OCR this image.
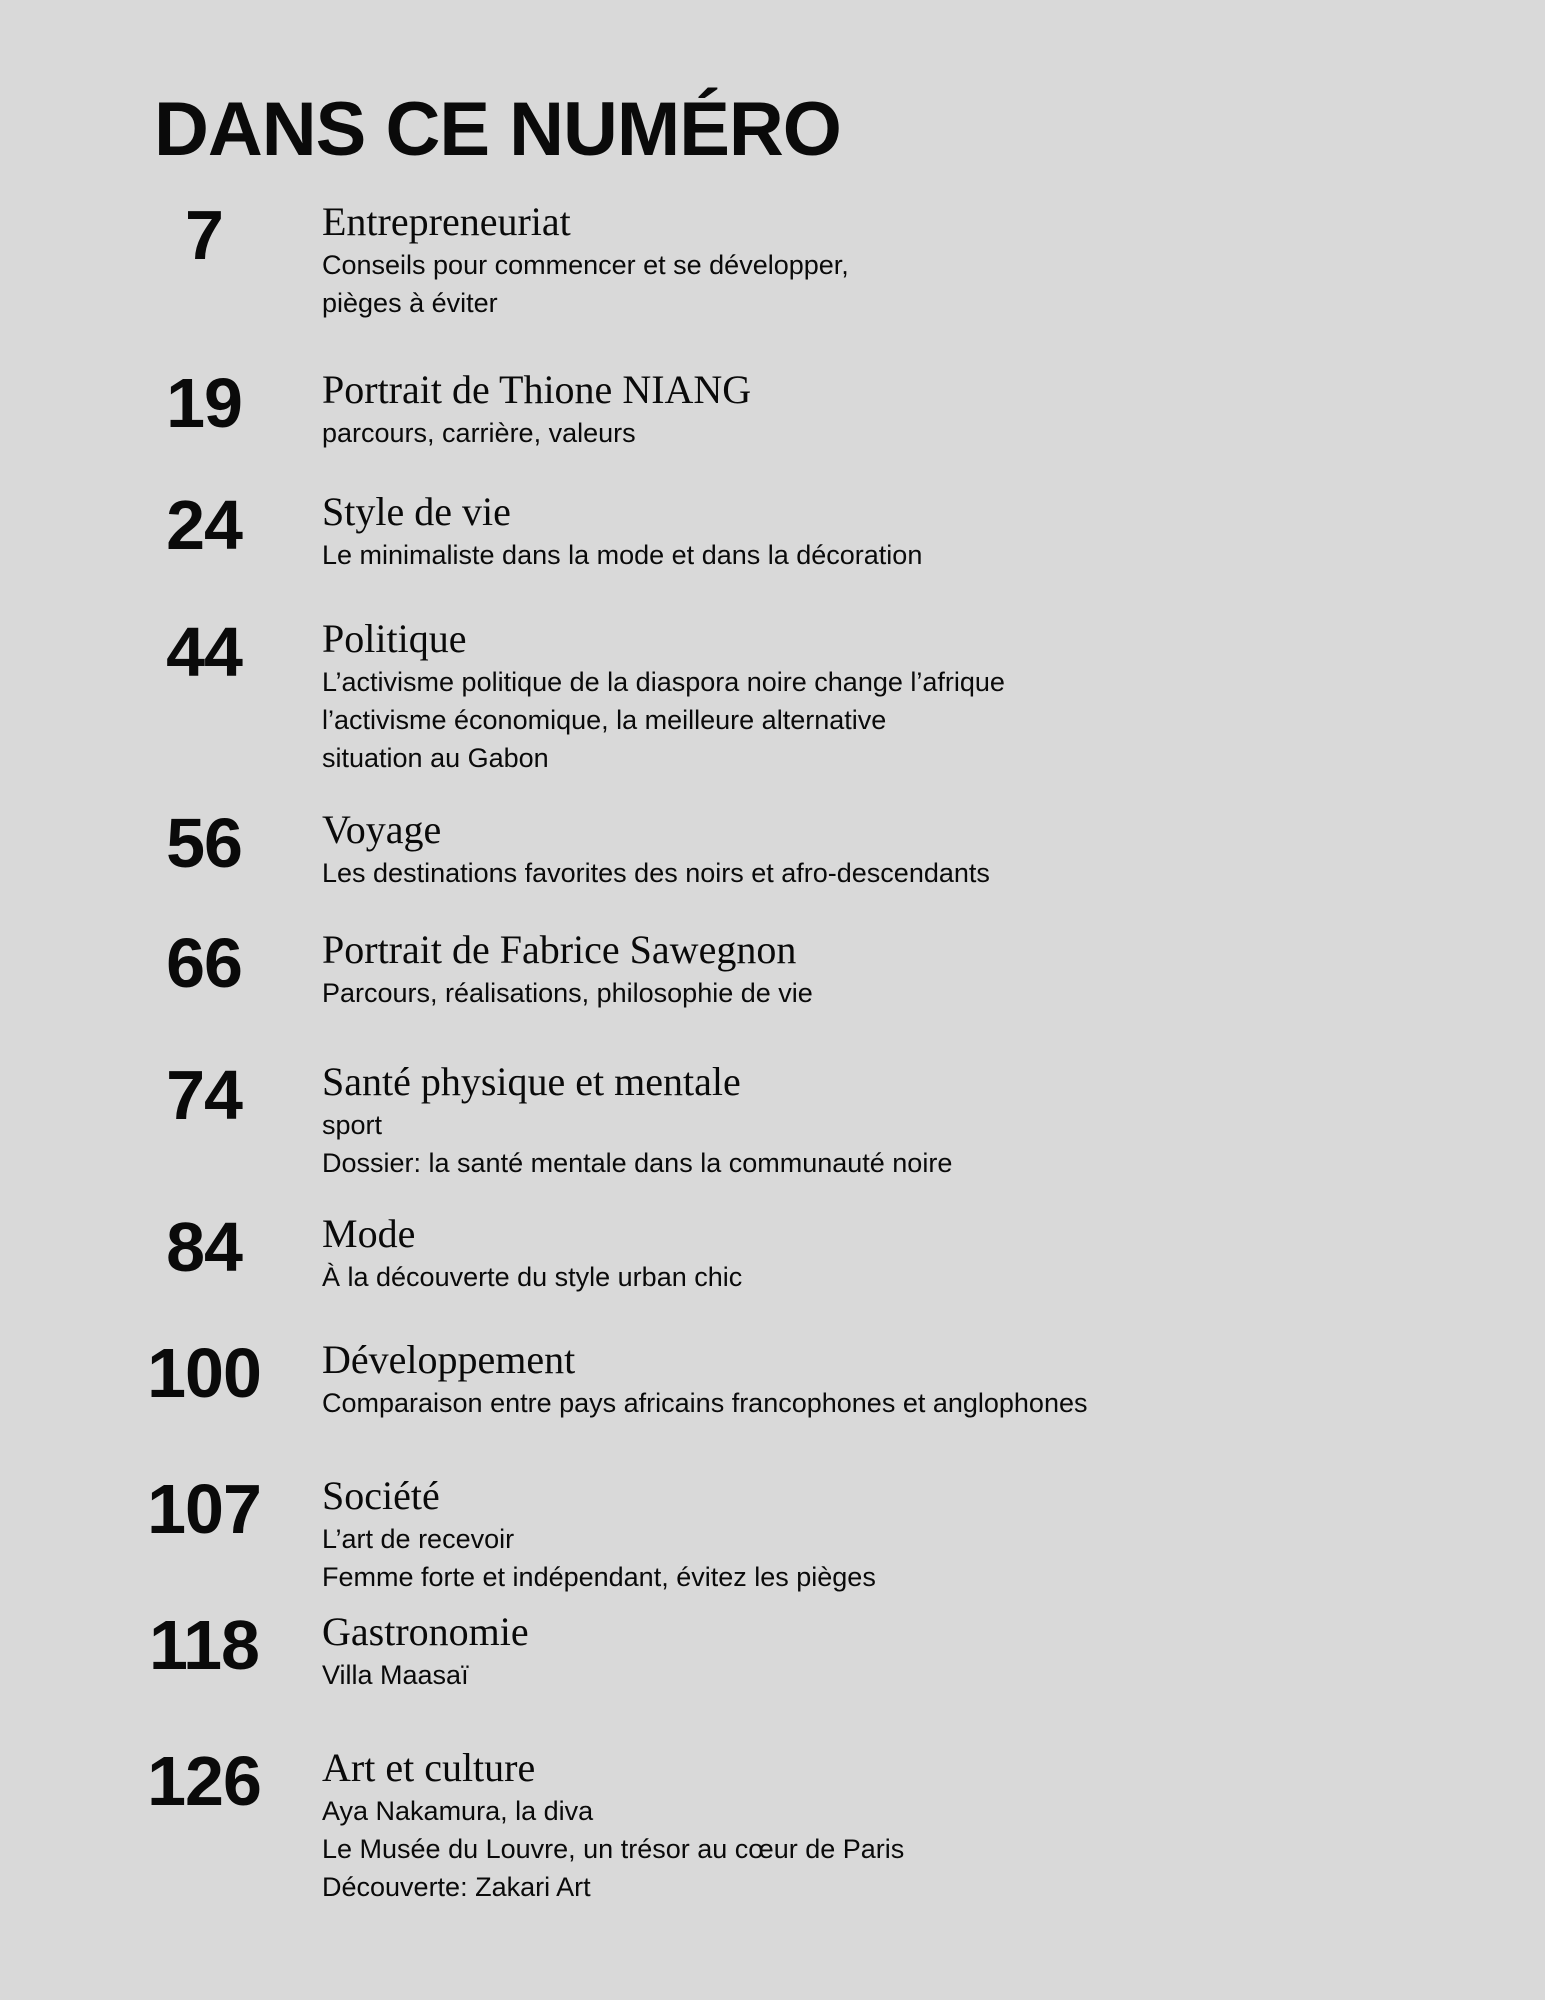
DANS CE NUMÉRO
7	Entrepreneuriat
Conseils pour commencer et se développer,
pièges à éviter
19	Portrait de Thione NIANG
parcours, carrière, valeurs
24	Style de vie
Le minimaliste dans la mode et dans la décoration
44	Politique
L’activisme politique de la diaspora noire change l’afrique
l’activisme économique, la meilleure alternative
situation au Gabon
56	Voyage
Les destinations favorites des noirs et afro-descendants
66	Portrait de Fabrice Sawegnon
Parcours, réalisations, philosophie de vie
74	Santé physique et mentale
sport
Dossier: la santé mentale dans la communauté noire
84	Mode
À la découverte du style urban chic
100	Développement
Comparaison entre pays africains francophones et anglophones
107	Société
L’art de recevoir
Femme forte et indépendant, évitez les pièges
118	Gastronomie
Villa Maasaï
126	Art et culture
Aya Nakamura, la diva
Le Musée du Louvre, un trésor au cœur de Paris
Découverte: Zakari Art
